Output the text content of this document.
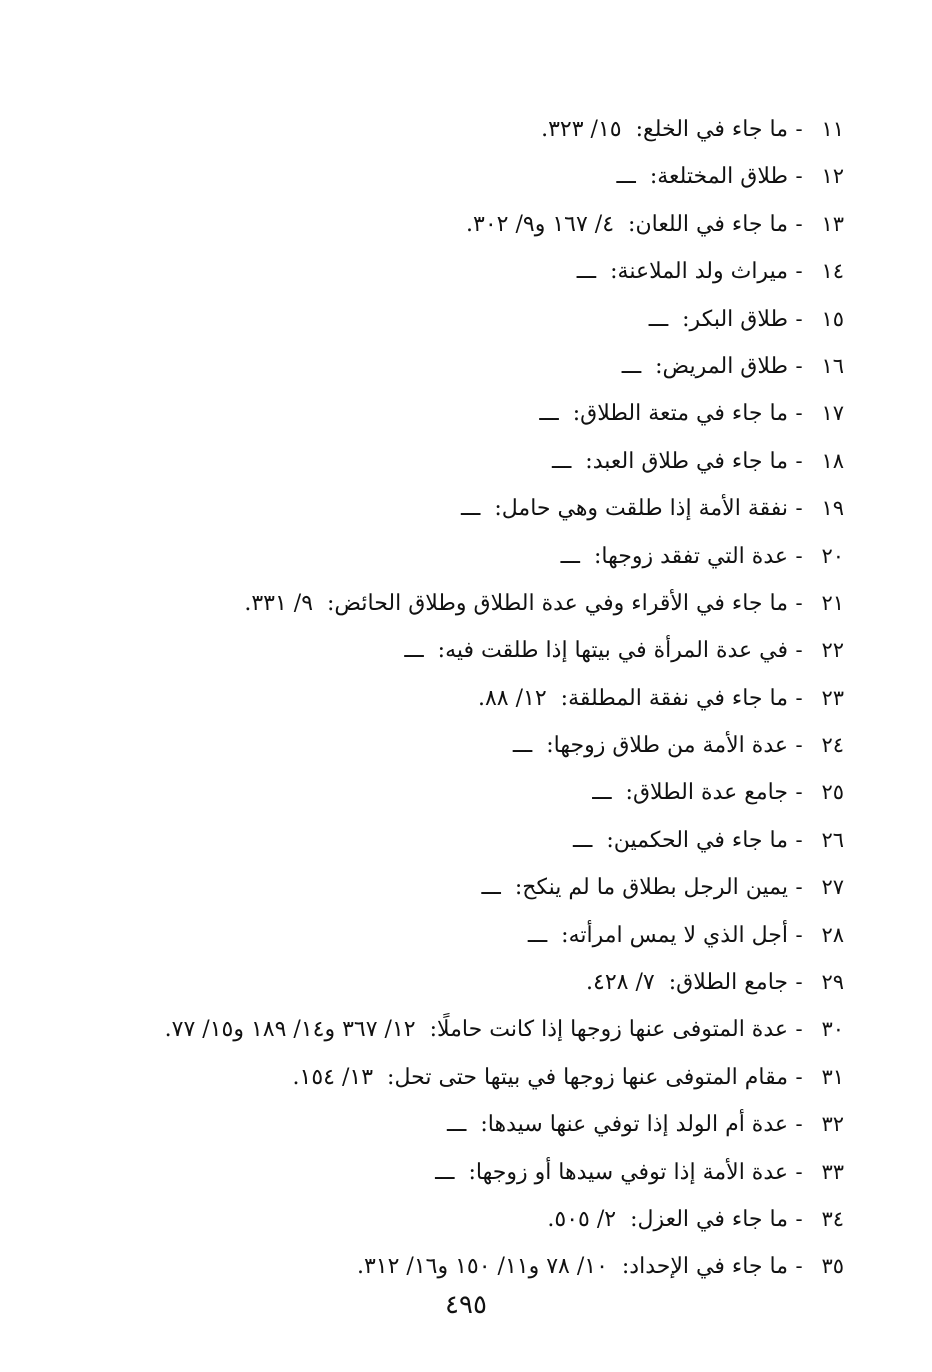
١١
-
ما جاء في الخلع:
١٥/ ٣٢٣.
١٢
-
طلاق المختلعة:
ـــ
١٣
-
ما جاء في اللعان:
٤/ ١٦٧ و٩/ ٣٠٢.
١٤
-
ميراث ولد الملاعنة:
ـــ
١٥
-
طلاق البكر:
ـــ
١٦
-
طلاق المريض:
ـــ
١٧
-
ما جاء في متعة الطلاق:
ـــ
١٨
-
ما جاء في طلاق العبد:
ـــ
١٩
-
نفقة الأمة إذا طلقت وهي حامل:
ـــ
٢٠
-
عدة التي تفقد زوجها:
ـــ
٢١
-
ما جاء في الأقراء وفي عدة الطلاق وطلاق الحائض:
٩/ ٣٣١.
٢٢
-
في عدة المرأة في بيتها إذا طلقت فيه:
ـــ
٢٣
-
ما جاء في نفقة المطلقة:
١٢/ ٨٨.
٢٤
-
عدة الأمة من طلاق زوجها:
ـــ
٢٥
-
جامع عدة الطلاق:
ـــ
٢٦
-
ما جاء في الحكمين:
ـــ
٢٧
-
يمين الرجل بطلاق ما لم ينكح:
ـــ
٢٨
-
أجل الذي لا يمس امرأته:
ـــ
٢٩
-
جامع الطلاق:
٧/ ٤٢٨.
٣٠
-
عدة المتوفى عنها زوجها إذا كانت حاملًا:
١٢/ ٣٦٧ و١٤/ ١٨٩ و١٥/ ٧٧.
٣١
-
مقام المتوفى عنها زوجها في بيتها حتى تحل:
١٣/ ١٥٤.
٣٢
-
عدة أم الولد إذا توفي عنها سيدها:
ـــ
٣٣
-
عدة الأمة إذا توفي سيدها أو زوجها:
ـــ
٣٤
-
ما جاء في العزل:
٢/ ٥٠٥.
٣٥
-
ما جاء في الإحداد:
١٠/ ٧٨ و١١/ ١٥٠ و١٦/ ٣١٢.
٤٩٥
